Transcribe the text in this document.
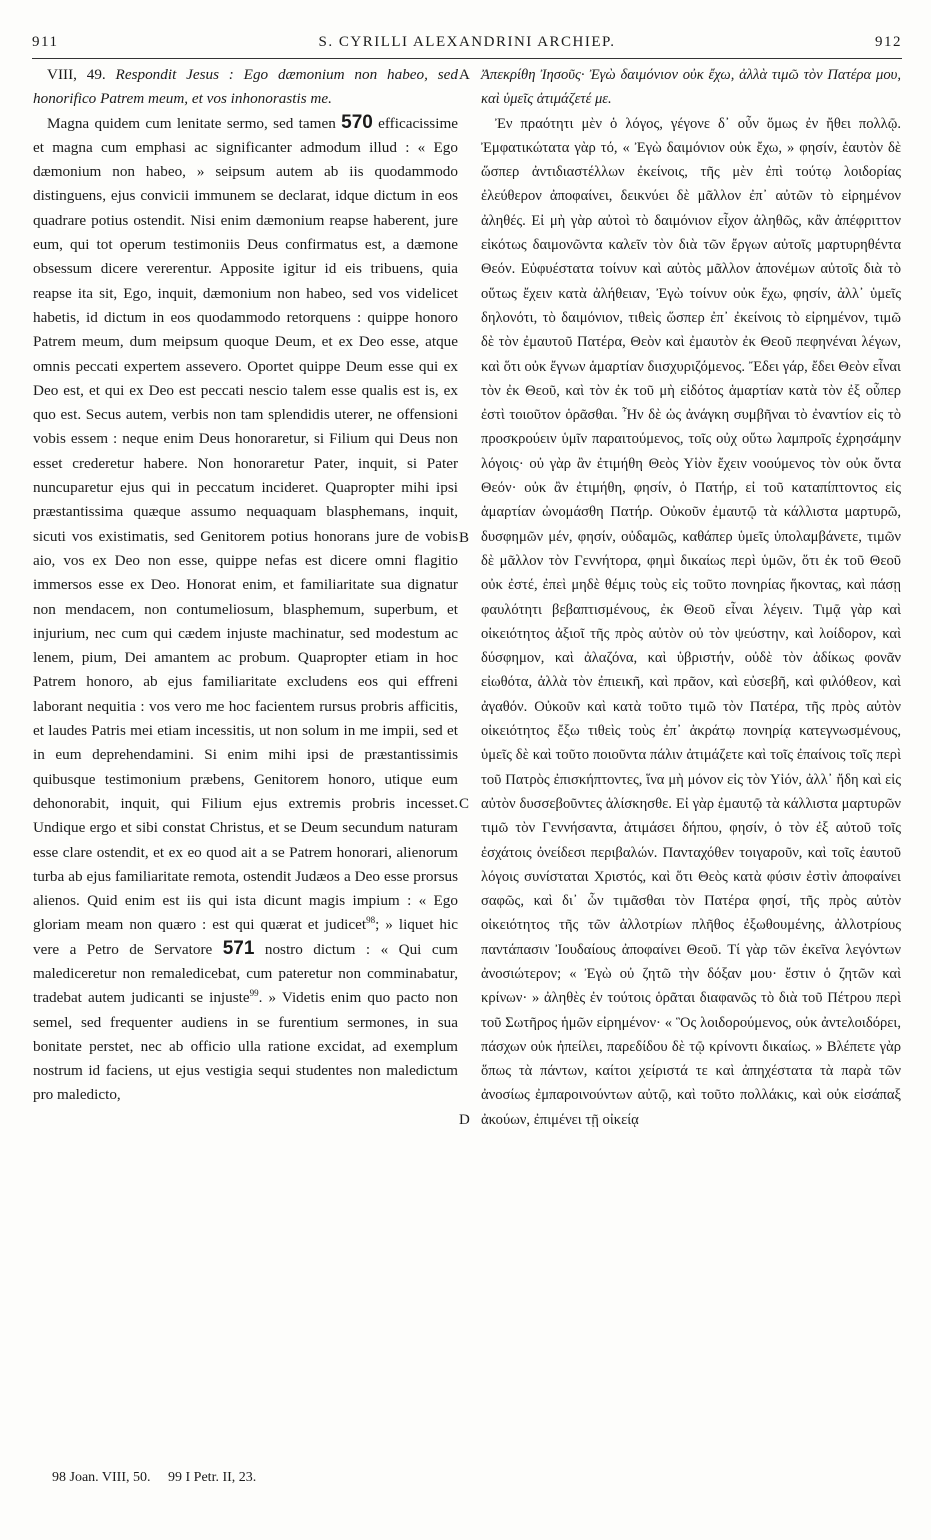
911	S. CYRILLI ALEXANDRINI ARCHIEP.	912

VIII, 49. Respondit Jesus : Ego dæmonium non habeo, sed honorifico Patrem meum, et vos inhonorastis me.

Magna quidem cum lenitate sermo, sed tamen 570 efficacissime et magna cum emphasi ac significanter admodum illud : « Ego dæmonium non habeo, » seipsum autem ab iis quodammodo distinguens, ejus convicii immunem se declarat, idque dictum in eos quadrare potius ostendit. Nisi enim dæmonium reapse haberent, jure eum, qui tot operum testimoniis Deus confirmatus est, a dæmone obsessum dicere vererentur. Apposite igitur id eis tribuens, quia reapse ita sit, Ego, inquit, dæmonium non habeo, sed vos videlicet habetis, id dictum in eos quodammodo retorquens : quippe honoro Patrem meum, dum meipsum quoque Deum, et ex Deo esse, atque omnis peccati expertem assevero. Oportet quippe Deum esse qui ex Deo est, et qui ex Deo est peccati nescio talem esse qualis est is, ex quo est. Secus autem, verbis non tam splendidis uterer, ne offensioni vobis essem : neque enim Deus honoraretur, si Filium qui Deus non esset crederetur habere. Non honoraretur Pater, inquit, si Pater nuncuparetur ejus qui in peccatum incideret. Quapropter mihi ipsi præstantissima quæque assumo nequaquam blasphemans, inquit, sicuti vos existimatis, sed Genitorem potius honorans jure de vobis aio, vos ex Deo non esse, quippe nefas est dicere omni flagitio immersos esse ex Deo. Honorat enim, et familiaritate sua dignatur non mendacem, non contumeliosum, blasphemum, superbum, et injurium, nec cum qui cædem injuste machinatur, sed modestum ac lenem, pium, Dei amantem ac probum. Quapropter etiam in hoc Patrem honoro, ab ejus familiaritate excludens eos qui effreni laborant nequitia : vos vero me hoc facientem rursus probris afficitis, et laudes Patris mei etiam incessitis, ut non solum in me impii, sed et in eum deprehendamini. Si enim mihi ipsi de præstantissimis quibusque testimonium præbens, Genitorem honoro, utique eum dehonorabit, inquit, qui Filium ejus extremis probris incesset. Undique ergo et sibi constat Christus, et se Deum secundum naturam esse clare ostendit, et ex eo quod ait a se Patrem honorari, alienorum turba ab ejus familiaritate remota, ostendit Judæos a Deo esse prorsus alienos. Quid enim est iis qui ista dicunt magis impium : « Ego gloriam meam non quæro : est qui quærat et judicet$^{98}$; » liquet hic vere a Petro de Servatore 571 nostro dictum : « Qui cum malediceretur non remaledicebat, cum pateretur non comminabatur, tradebat autem judicanti se injuste$^{99}$. » Videtis enim quo pacto non semel, sed frequenter audiens in se furentium sermones, in sua bonitate perstet, nec ab officio ulla ratione excidat, ad exemplum nostrum id faciens, ut ejus vestigia sequi studentes non maledictum pro maledicto,

A
B
C
D

Ἀπεκρίθη Ἰησοῦς· Ἐγὼ δαιμόνιον οὐκ ἔχω, ἀλλὰ τιμῶ τὸν Πατέρα μου, καὶ ὑμεῖς ἀτιμάζετέ με.

Ἐν πραότητι μὲν ὁ λόγος, γέγονε δ᾽ οὖν ὅμως ἐν ἤθει πολλῷ. Ἐμφατικώτατα γὰρ τό, « Ἐγὼ δαιμόνιον οὐκ ἔχω, » φησίν, ἑαυτὸν δὲ ὥσπερ ἀντιδιαστέλλων ἐκείνοις, τῆς μὲν ἐπὶ τούτῳ λοιδορίας ἐλεύθερον ἀποφαίνει, δεικνύει δὲ μᾶλλον ἐπ᾽ αὐτῶν τὸ εἰρημένον ἀληθές. Εἰ μὴ γὰρ αὐτοὶ τὸ δαιμόνιον εἶχον ἀληθῶς, κἂν ἀπέφριττον εἰκότως δαιμονῶντα καλεῖν τὸν διὰ τῶν ἔργων αὐτοῖς μαρτυρηθέντα Θεόν. Εὐφυέστατα τοίνυν καὶ αὐτὸς μᾶλλον ἀπονέμων αὐτοῖς διὰ τὸ οὕτως ἔχειν κατὰ ἀλήθειαν, Ἐγὼ τοίνυν οὐκ ἔχω, φησίν, ἀλλ᾽ ὑμεῖς δηλονότι, τὸ δαιμόνιον, τιθεὶς ὥσπερ ἐπ᾽ ἐκείνοις τὸ εἰρημένον, τιμῶ δὲ τὸν ἐμαυτοῦ Πατέρα, Θεὸν καὶ ἐμαυτὸν ἐκ Θεοῦ πεφηνέναι λέγων, καὶ ὅτι οὐκ ἔγνων ἁμαρτίαν διισχυριζόμενος. Ἔδει γάρ, ἔδει Θεὸν εἶναι τὸν ἐκ Θεοῦ, καὶ τὸν ἐκ τοῦ μὴ εἰδότος ἁμαρτίαν κατὰ τὸν ἐξ οὗπερ ἐστὶ τοιοῦτον ὁρᾶσθαι. Ἦν δὲ ὡς ἀνάγκη συμβῆναι τὸ ἐναντίον εἰς τὸ προσκρούειν ὑμῖν παραιτούμενος, τοῖς οὐχ οὕτω λαμπροῖς ἐχρησάμην λόγοις· οὐ γὰρ ἂν ἐτιμήθη Θεὸς Υἱὸν ἔχειν νοούμενος τὸν οὐκ ὄντα Θεόν· οὐκ ἂν ἐτιμήθη, φησίν, ὁ Πατήρ, εἰ τοῦ καταπίπτοντος εἰς ἁμαρτίαν ὠνομάσθη Πατήρ. Οὐκοῦν ἐμαυτῷ τὰ κάλλιστα μαρτυρῶ, δυσφημῶν μέν, φησίν, οὐδαμῶς, καθάπερ ὑμεῖς ὑπολαμβάνετε, τιμῶν δὲ μᾶλλον τὸν Γεννήτορα, φημὶ δικαίως περὶ ὑμῶν, ὅτι ἐκ τοῦ Θεοῦ οὐκ ἐστέ, ἐπεὶ μηδὲ θέμις τοὺς εἰς τοῦτο πονηρίας ἥκοντας, καὶ πάσῃ φαυλότητι βεβαπτισμένους, ἐκ Θεοῦ εἶναι λέγειν. Τιμᾷ γὰρ καὶ οἰκειότητος ἀξιοῖ τῆς πρὸς αὐτὸν οὐ τὸν ψεύστην, καὶ λοίδορον, καὶ δύσφημον, καὶ ἀλαζόνα, καὶ ὑβριστήν, οὐδὲ τὸν ἀδίκως φονᾶν εἰωθότα, ἀλλὰ τὸν ἐπιεικῆ, καὶ πρᾶον, καὶ εὐσεβῆ, καὶ φιλόθεον, καὶ ἀγαθόν. Οὐκοῦν καὶ κατὰ τοῦτο τιμῶ τὸν Πατέρα, τῆς πρὸς αὐτὸν οἰκειότητος ἔξω τιθεὶς τοὺς ἐπ᾽ ἀκράτῳ πονηρίᾳ κατεγνωσμένους, ὑμεῖς δὲ καὶ τοῦτο ποιοῦντα πάλιν ἀτιμάζετε καὶ τοῖς ἐπαίνοις τοῖς περὶ τοῦ Πατρὸς ἐπισκήπτοντες, ἵνα μὴ μόνον εἰς τὸν Υἱόν, ἀλλ᾽ ἤδη καὶ εἰς αὐτὸν δυσσεβοῦντες ἁλίσκησθε. Εἰ γὰρ ἐμαυτῷ τὰ κάλλιστα μαρτυρῶν τιμῶ τὸν Γεννήσαντα, ἀτιμάσει δήπου, φησίν, ὁ τὸν ἐξ αὐτοῦ τοῖς ἐσχάτοις ὀνείδεσι περιβαλών. Πανταχόθεν τοιγαροῦν, καὶ τοῖς ἑαυτοῦ λόγοις συνίσταται Χριστός, καὶ ὅτι Θεὸς κατὰ φύσιν ἐστὶν ἀποφαίνει σαφῶς, καὶ δι᾽ ὧν τιμᾶσθαι τὸν Πατέρα φησί, τῆς πρὸς αὐτὸν οἰκειότητος τῆς τῶν ἀλλοτρίων πλῆθος ἐξωθουμένης, ἀλλοτρίους παντάπασιν Ἰουδαίους ἀποφαίνει Θεοῦ. Τί γὰρ τῶν ἐκεῖνα λεγόντων ἀνοσιώτερον; « Ἐγὼ οὐ ζητῶ τὴν δόξαν μου· ἔστιν ὁ ζητῶν καὶ κρίνων· » ἀληθὲς ἐν τούτοις ὁρᾶται διαφανῶς τὸ διὰ τοῦ Πέτρου περὶ τοῦ Σωτῆρος ἡμῶν εἰρημένον· « Ὃς λοιδορούμενος, οὐκ ἀντελοιδόρει, πάσχων οὐκ ἠπείλει, παρεδίδου δὲ τῷ κρίνοντι δικαίως. » Βλέπετε γὰρ ὅπως τὰ πάντων, καίτοι χείριστά τε καὶ ἀπηχέστατα τὰ παρὰ τῶν ἀνοσίως ἐμπαροινούντων αὐτῷ, καὶ τοῦτο πολλάκις, καὶ οὐκ εἰσάπαξ ἀκούων, ἐπιμένει τῇ οἰκείᾳ

98 Joan. VIII, 50. 99 I Petr. II, 23.
